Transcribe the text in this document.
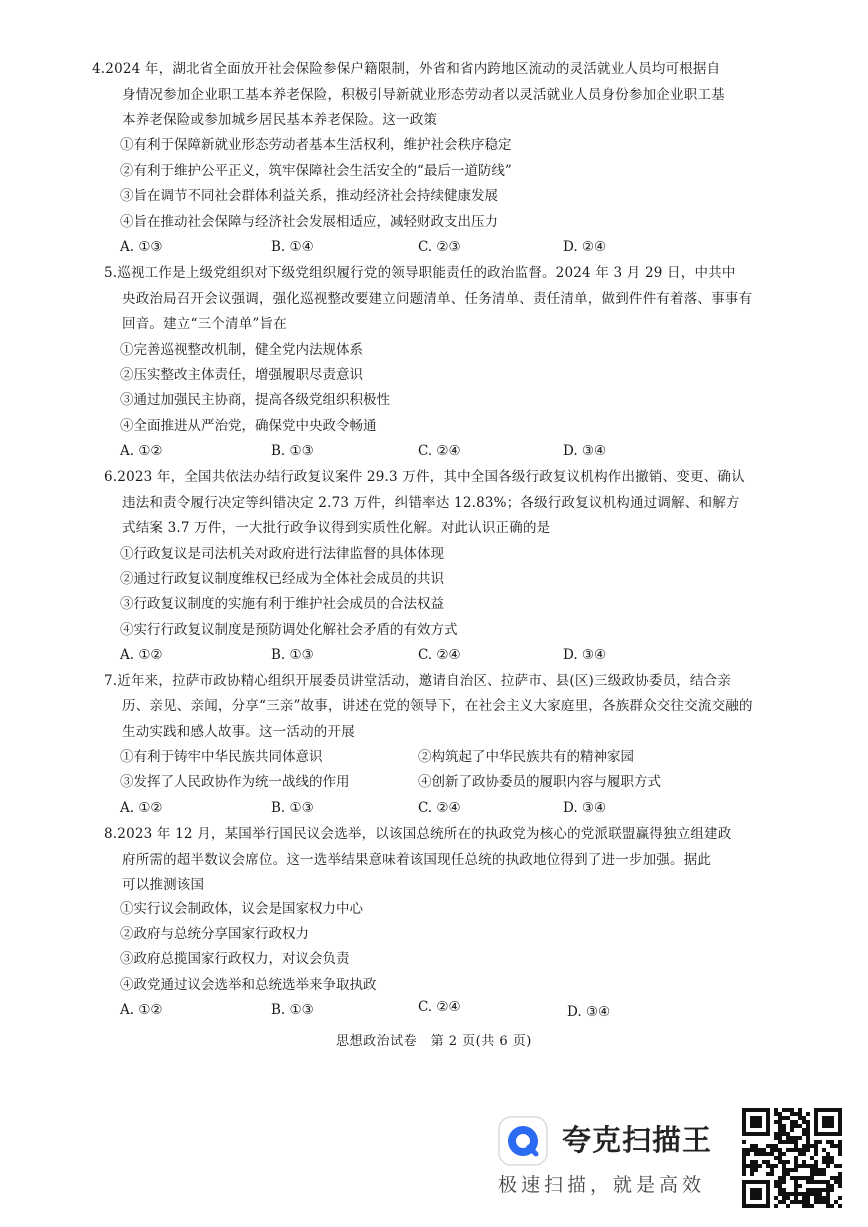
4.2024 年，湖北省全面放开社会保险参保户籍限制，外省和省内跨地区流动的灵活就业人员均可根据自
身情况参加企业职工基本养老保险，积极引导新就业形态劳动者以灵活就业人员身份参加企业职工基
本养老保险或参加城乡居民基本养老保险。这一政策
①有利于保障新就业形态劳动者基本生活权利，维护社会秩序稳定
②有利于维护公平正义，筑牢保障社会生活安全的“最后一道防线”
③旨在调节不同社会群体利益关系，推动经济社会持续健康发展
④旨在推动社会保障与经济社会发展相适应，减轻财政支出压力
A. ①③	B. ①④	C. ②③	D. ②④
5.巡视工作是上级党组织对下级党组织履行党的领导职能责任的政治监督。2024 年 3 月 29 日，中共中
央政治局召开会议强调，强化巡视整改要建立问题清单、任务清单、责任清单，做到件件有着落、事事有
回音。建立“三个清单”旨在
①完善巡视整改机制，健全党内法规体系
②压实整改主体责任，增强履职尽责意识
③通过加强民主协商，提高各级党组织积极性
④全面推进从严治党，确保党中央政令畅通
A. ①②	B. ①③	C. ②④	D. ③④
6.2023 年，全国共依法办结行政复议案件 29.3 万件，其中全国各级行政复议机构作出撤销、变更、确认
违法和责令履行决定等纠错决定 2.73 万件，纠错率达 12.83%；各级行政复议机构通过调解、和解方
式结案 3.7 万件，一大批行政争议得到实质性化解。对此认识正确的是
①行政复议是司法机关对政府进行法律监督的具体体现
②通过行政复议制度维权已经成为全体社会成员的共识
③行政复议制度的实施有利于维护社会成员的合法权益
④实行行政复议制度是预防调处化解社会矛盾的有效方式
A. ①②	B. ①③	C. ②④	D. ③④
7.近年来，拉萨市政协精心组织开展委员讲堂活动，邀请自治区、拉萨市、县(区)三级政协委员，结合亲
历、亲见、亲闻，分享“三亲”故事，讲述在党的领导下，在社会主义大家庭里，各族群众交往交流交融的
生动实践和感人故事。这一活动的开展
①有利于铸牢中华民族共同体意识	②构筑起了中华民族共有的精神家园
③发挥了人民政协作为统一战线的作用	④创新了政协委员的履职内容与履职方式
A. ①②	B. ①③	C. ②④	D. ③④
8.2023 年 12 月，某国举行国民议会选举，以该国总统所在的执政党为核心的党派联盟赢得独立组建政
府所需的超半数议会席位。这一选举结果意味着该国现任总统的执政地位得到了进一步加强。据此
可以推测该国
①实行议会制政体，议会是国家权力中心
②政府与总统分享国家行政权力
③政府总揽国家行政权力，对议会负责
④政党通过议会选举和总统选举来争取执政
A. ①②	B. ①③	C. ②④	D. ③④
思想政治试卷　第 2 页(共 6 页)
夸克扫描王
极速扫描，就是高效
